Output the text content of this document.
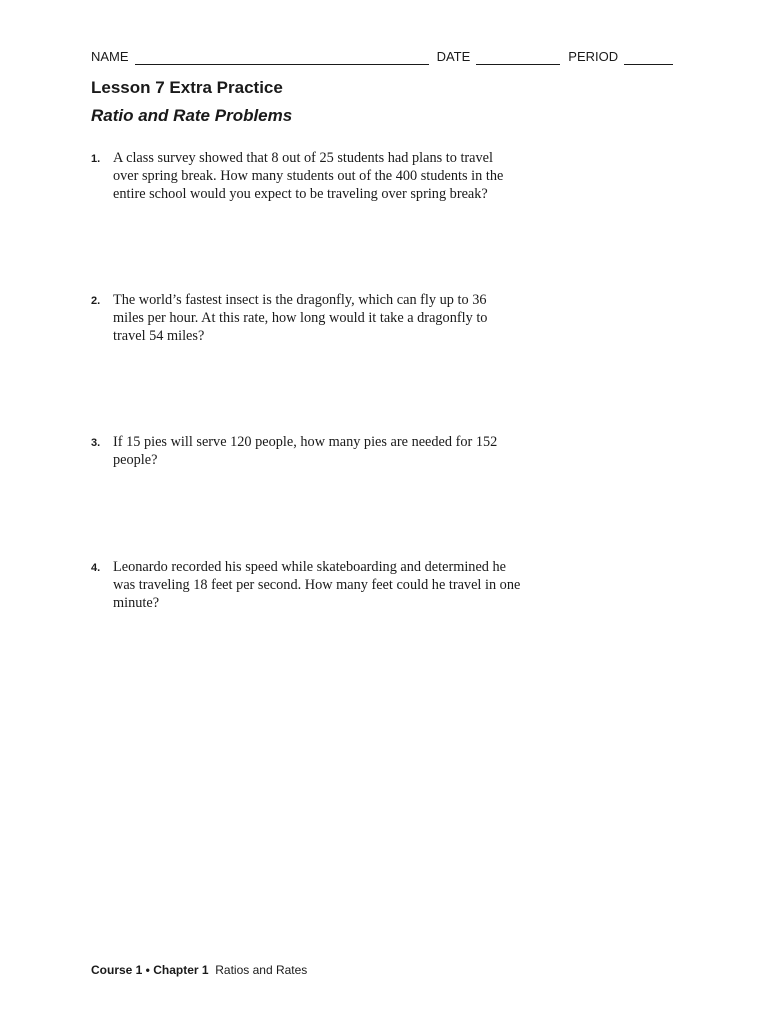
NAME	DATE	PERIOD
Lesson 7 Extra Practice
Ratio and Rate Problems
1. A class survey showed that 8 out of 25 students had plans to travel
over spring break. How many students out of the 400 students in the
entire school would you expect to be traveling over spring break?
2. The world’s fastest insect is the dragonfly, which can fly up to 36
miles per hour. At this rate, how long would it take a dragonfly to
travel 54 miles?
3. If 15 pies will serve 120 people, how many pies are needed for 152
people?
4. Leonardo recorded his speed while skateboarding and determined he
was traveling 18 feet per second. How many feet could he travel in one
minute?
Course 1 • Chapter 1 Ratios and Rates
